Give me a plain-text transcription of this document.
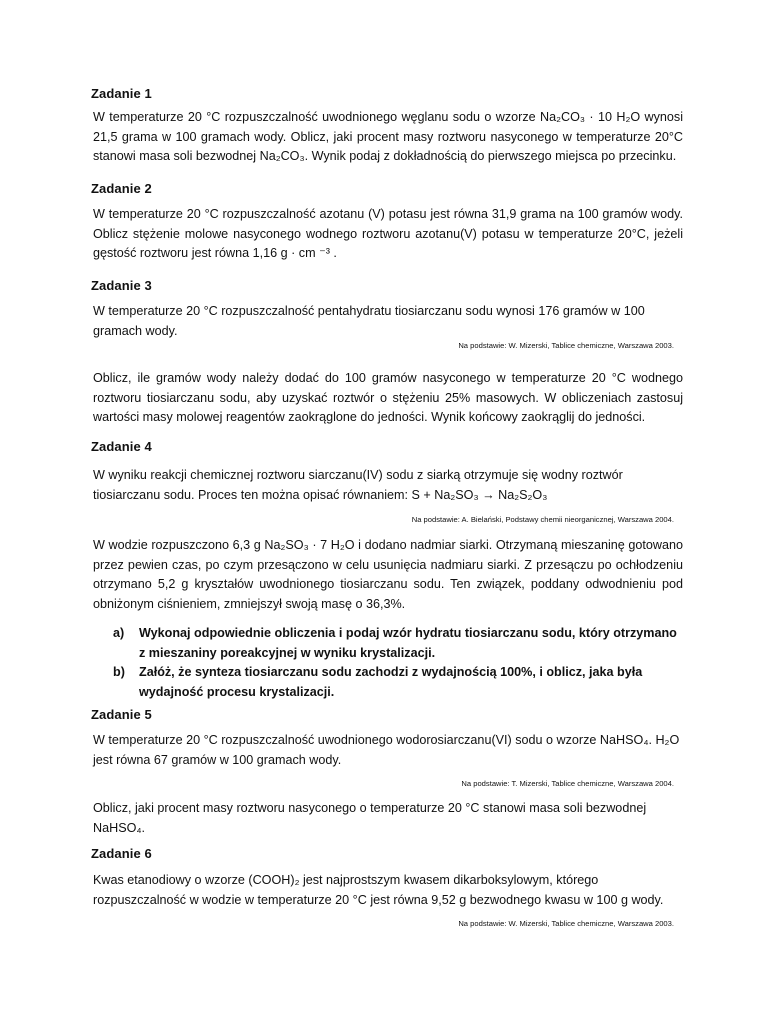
Zadanie 1
W temperaturze 20 °C rozpuszczalność uwodnionego węglanu sodu o wzorze Na₂CO₃ · 10 H₂O wynosi 21,5 grama w 100 gramach wody. Oblicz, jaki procent masy roztworu nasyconego w temperaturze 20°C stanowi masa soli bezwodnej Na₂CO₃. Wynik podaj z dokładnością do pierwszego miejsca po przecinku.
Zadanie 2
W temperaturze 20 °C rozpuszczalność azotanu (V) potasu jest równa 31,9 grama na 100 gramów wody. Oblicz stężenie molowe nasyconego wodnego roztworu azotanu(V) potasu w temperaturze 20°C, jeżeli gęstość roztworu jest równa 1,16 g · cm ⁻³ .
Zadanie 3
W temperaturze 20 °C rozpuszczalność pentahydratu tiosiarczanu sodu wynosi 176 gramów w 100 gramach wody.
Na podstawie: W. Mizerski, Tablice chemiczne, Warszawa 2003.
Oblicz, ile gramów wody należy dodać do 100 gramów nasyconego w temperaturze 20 °C wodnego roztworu tiosiarczanu sodu, aby uzyskać roztwór o stężeniu 25% masowych. W obliczeniach zastosuj wartości masy molowej reagentów zaokrąglone do jedności. Wynik końcowy zaokrąglij do jedności.
Zadanie 4
W wyniku reakcji chemicznej roztworu siarczanu(IV) sodu z siarką otrzymuje się wodny roztwór tiosiarczanu sodu. Proces ten można opisać równaniem: S + Na₂SO₃ → Na₂S₂O₃
Na podstawie: A. Bielański, Podstawy chemii nieorganicznej, Warszawa 2004.
W wodzie rozpuszczono 6,3 g Na₂SO₃ · 7 H₂O i dodano nadmiar siarki. Otrzymaną mieszaninę gotowano przez pewien czas, po czym przesączono w celu usunięcia nadmiaru siarki. Z przesączu po ochłodzeniu otrzymano 5,2 g kryształów uwodnionego tiosiarczanu sodu. Ten związek, poddany odwodnieniu pod obniżonym ciśnieniem, zmniejszył swoją masę o 36,3%.
a) Wykonaj odpowiednie obliczenia i podaj wzór hydratu tiosiarczanu sodu, który otrzymano z mieszaniny poreakcyjnej w wyniku krystalizacji.
b) Załóż, że synteza tiosiarczanu sodu zachodzi z wydajnością 100%, i oblicz, jaka była wydajność procesu krystalizacji.
Zadanie 5
W temperaturze 20 °C rozpuszczalność uwodnionego wodorosiarczanu(VI) sodu o wzorze NaHSO₄. H₂O jest równa 67 gramów w 100 gramach wody.
Na podstawie: T. Mizerski, Tablice chemiczne, Warszawa 2004.
Oblicz, jaki procent masy roztworu nasyconego o temperaturze 20 °C stanowi masa soli bezwodnej NaHSO₄.
Zadanie 6
Kwas etanodiowy o wzorze (COOH)₂ jest najprostszym kwasem dikarboksylowym, którego rozpuszczalność w wodzie w temperaturze 20 °C jest równa 9,52 g bezwodnego kwasu w 100 g wody.
Na podstawie: W. Mizerski, Tablice chemiczne, Warszawa 2003.
